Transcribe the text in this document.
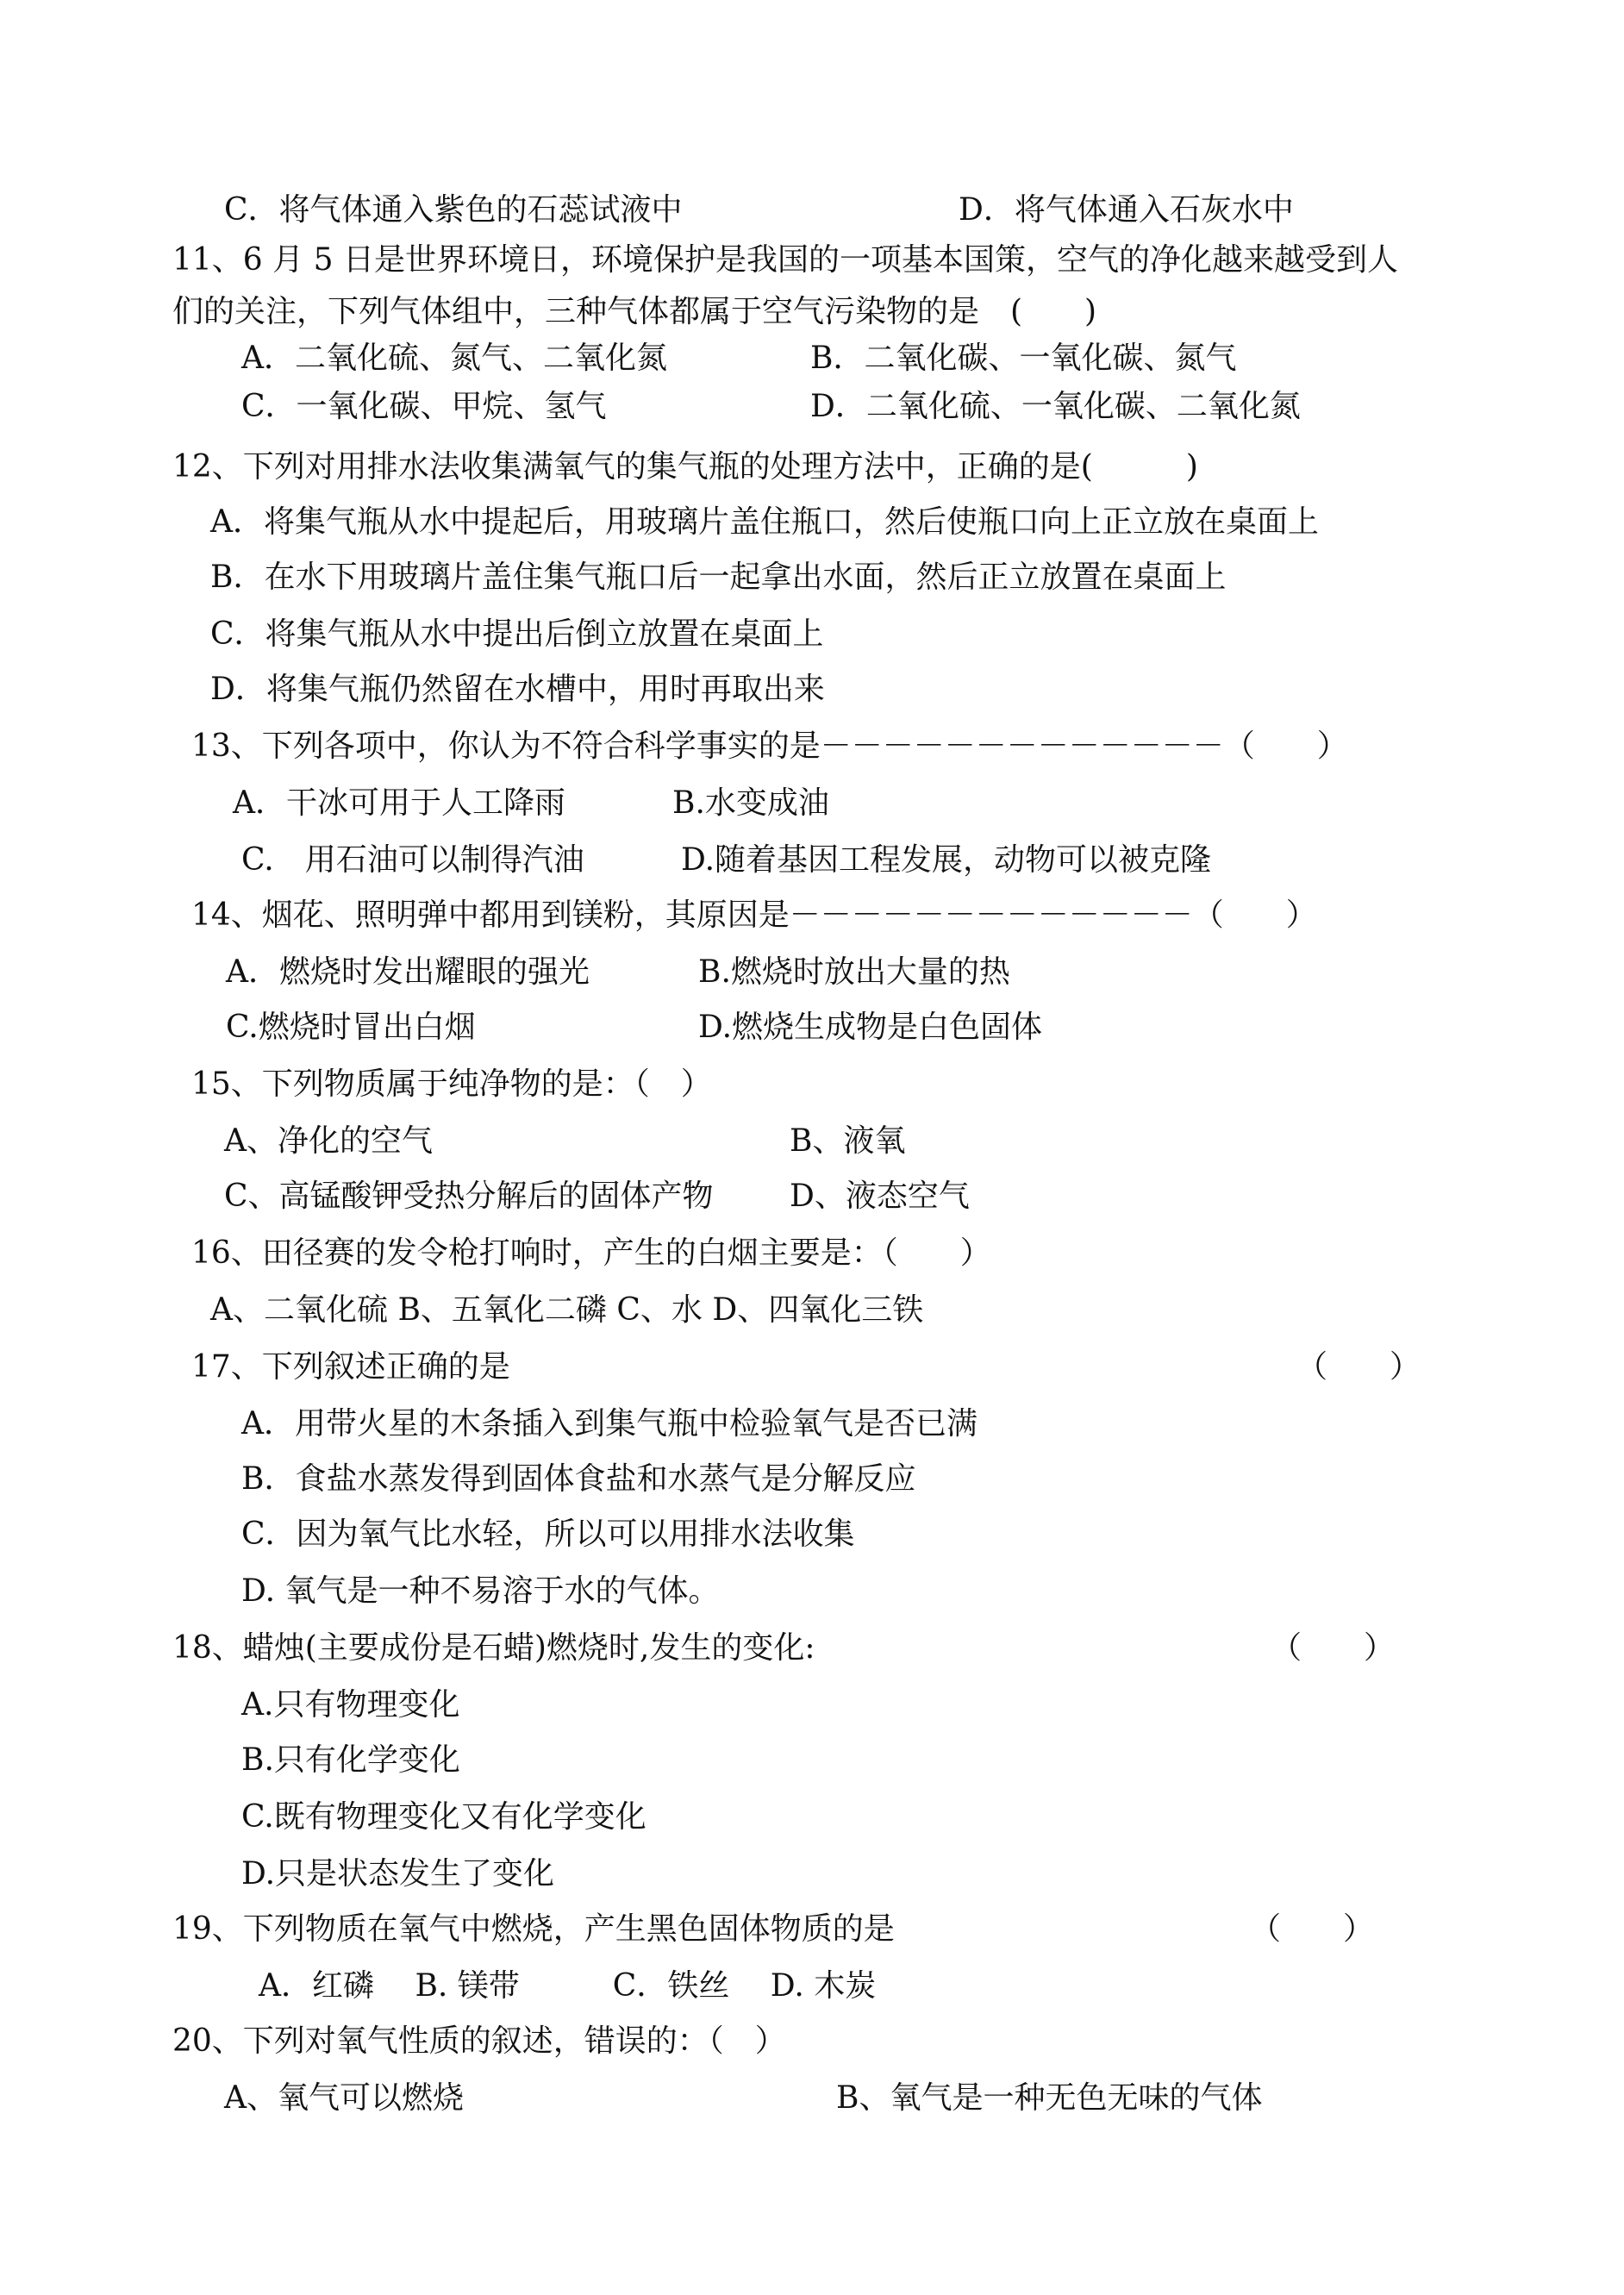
C．将气体通入紫色的石蕊试液中	D．将气体通入石灰水中
11、6 月 5 日是世界环境日，环境保护是我国的一项基本国策，空气的净化越来越受到人
们的关注，下列气体组中，三种气体都属于空气污染物的是　(　　)
A．二氧化硫、氮气、二氧化氮	B．二氧化碳、一氧化碳、氮气
C．一氧化碳、甲烷、氢气	D．二氧化硫、一氧化碳、二氧化氮
12、下列对用排水法收集满氧气的集气瓶的处理方法中，正确的是(　　　)
A．将集气瓶从水中提起后，用玻璃片盖住瓶口，然后使瓶口向上正立放在桌面上
B．在水下用玻璃片盖住集气瓶口后一起拿出水面，然后正立放置在桌面上
C．将集气瓶从水中提出后倒立放置在桌面上
D．将集气瓶仍然留在水槽中，用时再取出来
13、下列各项中，你认为不符合科学事实的是－－－－－－－－－－－－－（　　）
A．干冰可用于人工降雨	B.水变成油
C.　用石油可以制得汽油	D.随着基因工程发展，动物可以被克隆
14、烟花、照明弹中都用到镁粉，其原因是－－－－－－－－－－－－－（　　）
A．燃烧时发出耀眼的强光	B.燃烧时放出大量的热
C.燃烧时冒出白烟	D.燃烧生成物是白色固体
15、下列物质属于纯净物的是：（　）
A、净化的空气	B、液氧
C、高锰酸钾受热分解后的固体产物 D、液态空气
16、田径赛的发令枪打响时，产生的白烟主要是：（　　）
A、二氧化硫 B、五氧化二磷 C、水 D、四氧化三铁
17、下列叙述正确的是	（　　）
A．用带火星的木条插入到集气瓶中检验氧气是否已满
B．食盐水蒸发得到固体食盐和水蒸气是分解反应
C．因为氧气比水轻，所以可以用排水法收集
D. 氧气是一种不易溶于水的气体。
18、蜡烛(主要成份是石蜡)燃烧时,发生的变化:	（　　）
A.只有物理变化
B.只有化学变化
C.既有物理变化又有化学变化
D.只是状态发生了变化
19、下列物质在氧气中燃烧，产生黑色固体物质的是	（　　）
A．红磷　 B. 镁带　　　C．铁丝　 D. 木炭
20、下列对氧气性质的叙述，错误的：（　）
A、氧气可以燃烧	B、氧气是一种无色无味的气体
